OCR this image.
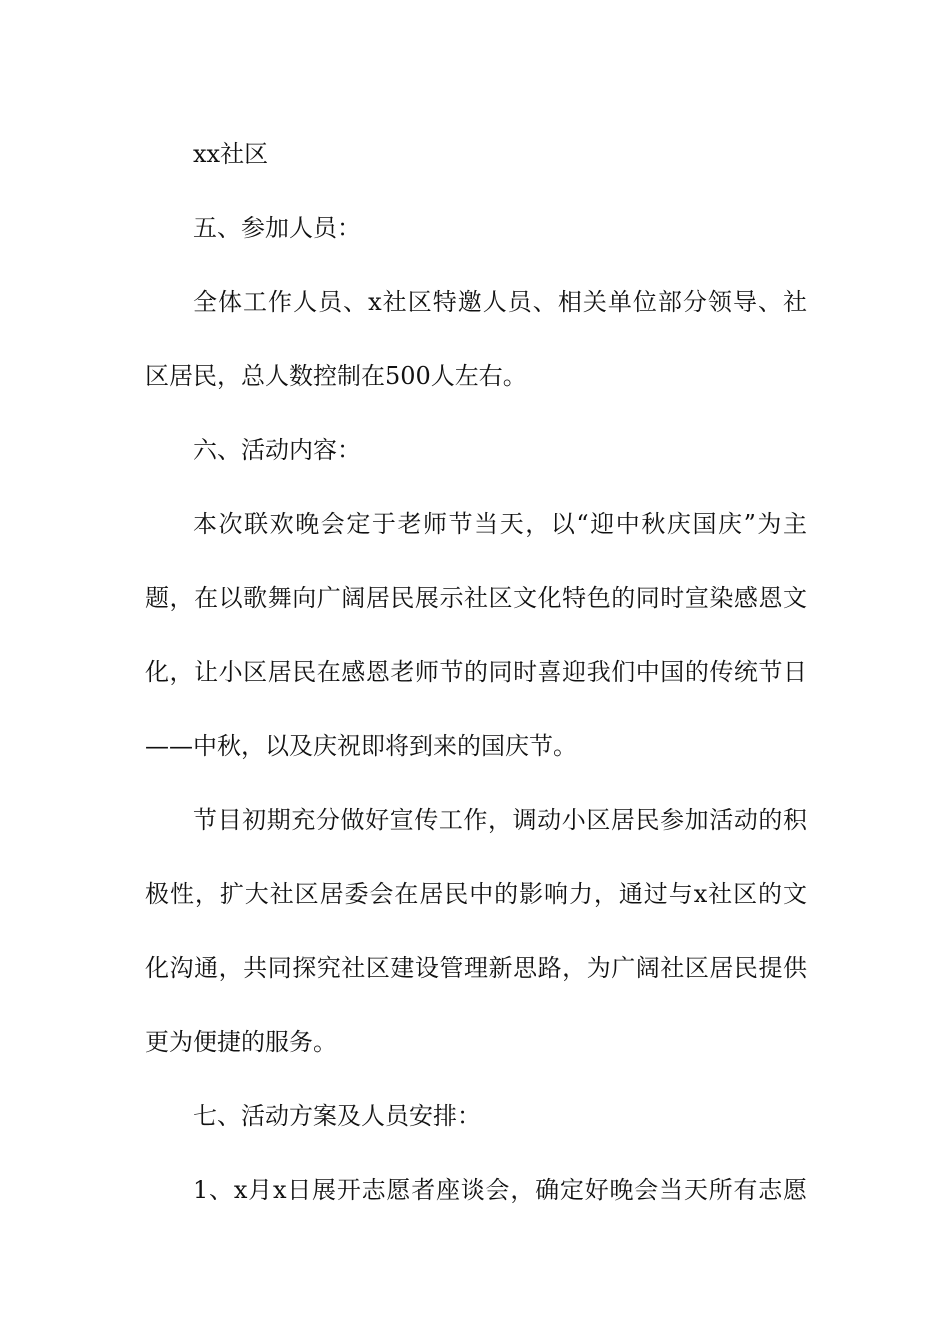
xx社区
五、参加人员：
全体工作人员、x社区特邀人员、相关单位部分领导、社
区居民，总人数控制在500人左右。
六、活动内容：
本次联欢晚会定于老师节当天，以“迎中秋庆国庆”为主
题，在以歌舞向广阔居民展示社区文化特色的同时宣染感恩文
化，让小区居民在感恩老师节的同时喜迎我们中国的传统节日
——中秋，以及庆祝即将到来的国庆节。
节目初期充分做好宣传工作，调动小区居民参加活动的积
极性，扩大社区居委会在居民中的影响力，通过与x社区的文
化沟通，共同探究社区建设管理新思路，为广阔社区居民提供
更为便捷的服务。
七、活动方案及人员安排：
1、x月x日展开志愿者座谈会，确定好晚会当天所有志愿
